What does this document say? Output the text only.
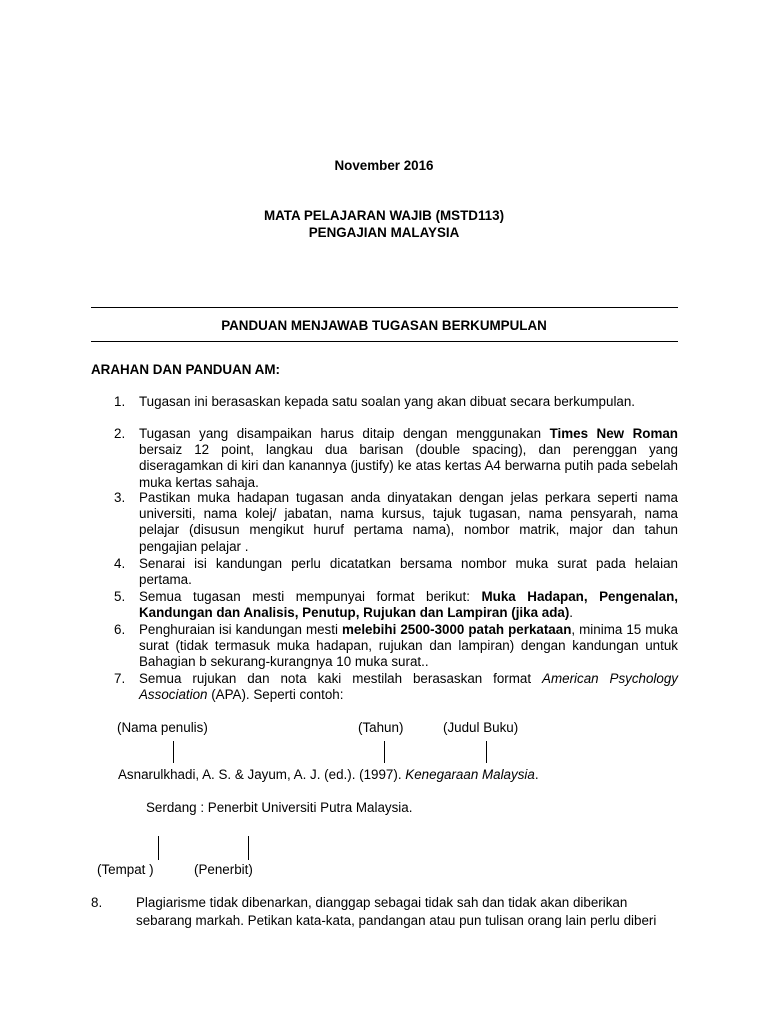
November 2016
MATA PELAJARAN WAJIB (MSTD113)
PENGAJIAN MALAYSIA
PANDUAN MENJAWAB TUGASAN BERKUMPULAN
ARAHAN DAN PANDUAN AM:
1. Tugasan ini berasaskan kepada satu soalan yang akan dibuat secara berkumpulan.
2. Tugasan yang disampaikan harus ditaip dengan menggunakan Times New Roman bersaiz 12 point, langkau dua barisan (double spacing), dan perenggan yang diseragamkan di kiri dan kanannya (justify) ke atas kertas A4 berwarna putih pada sebelah muka kertas sahaja.
3. Pastikan muka hadapan tugasan anda dinyatakan dengan jelas perkara seperti nama universiti, nama kolej/ jabatan, nama kursus, tajuk tugasan, nama pensyarah, nama pelajar (disusun mengikut huruf pertama nama), nombor matrik, major dan tahun pengajian pelajar .
4. Senarai isi kandungan perlu dicatatkan bersama nombor muka surat pada helaian pertama.
5. Semua tugasan mesti mempunyai format berikut: Muka Hadapan, Pengenalan, Kandungan dan Analisis, Penutup, Rujukan dan Lampiran (jika ada).
6. Penghuraian isi kandungan mesti melebihi 2500-3000 patah perkataan, minima 15 muka surat (tidak termasuk muka hadapan, rujukan dan lampiran) dengan kandungan untuk Bahagian b sekurang-kurangnya 10 muka surat..
7. Semua rujukan dan nota kaki mestilah berasaskan format American Psychology Association (APA). Seperti contoh:
(Nama penulis)	(Tahun)	(Judul Buku)
Asnarulkhadi, A. S. & Jayum, A. J. (ed.). (1997). Kenegaraan Malaysia.
Serdang : Penerbit Universiti Putra Malaysia.
(Tempat )	(Penerbit)
8.	Plagiarisme tidak dibenarkan, dianggap sebagai tidak sah dan tidak akan diberikan
sebarang markah. Petikan kata-kata, pandangan atau pun tulisan orang lain perlu diberi
